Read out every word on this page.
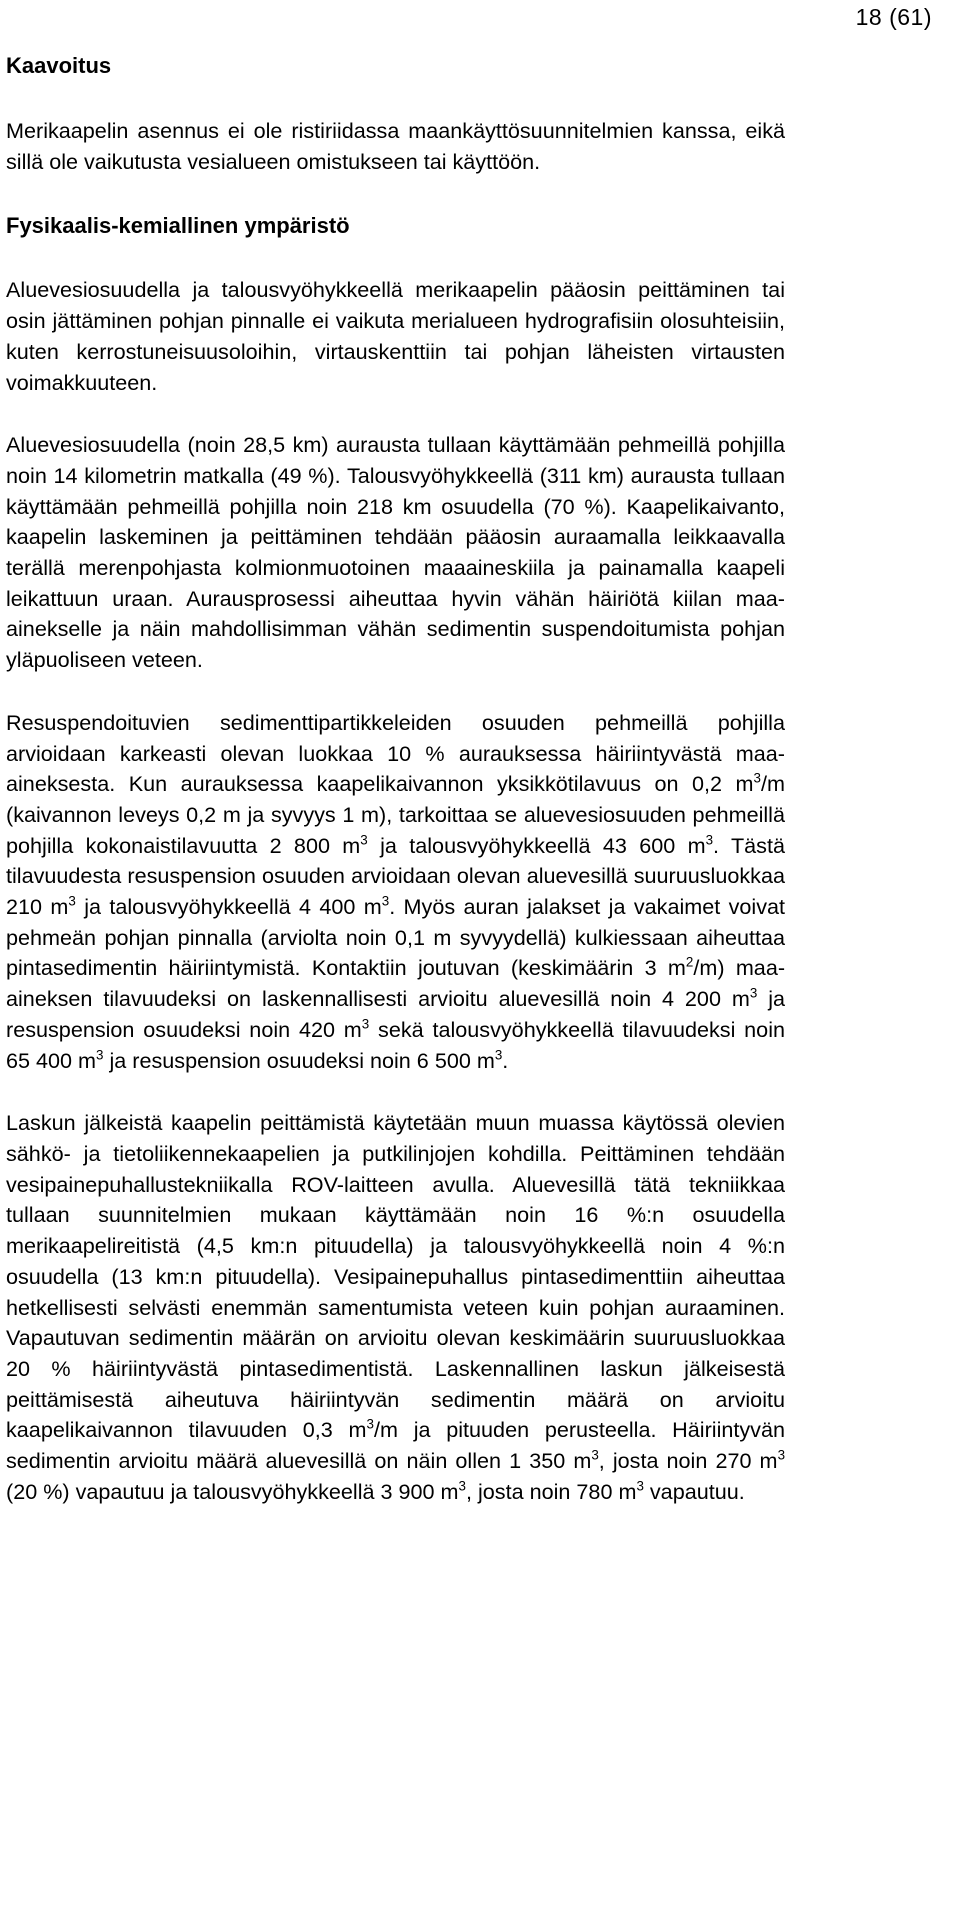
18 (61)
Kaavoitus

Merikaapelin asennus ei ole ristiriidassa maankäyttösuunnitelmien kanssa, eikä sillä ole vaikutusta vesialueen omistukseen tai käyttöön.

Fysikaalis-kemiallinen ympäristö

Aluevesiosuudella ja talousvyöhykkeellä merikaapelin pääosin peittäminen tai osin jättäminen pohjan pinnalle ei vaikuta merialueen hydrografisiin olosuhteisiin, kuten kerrostuneisuusoloihin, virtauskenttiin tai pohjan läheisten virtausten voimakkuuteen.

Aluevesiosuudella (noin 28,5 km) aurausta tullaan käyttämään pehmeillä pohjilla noin 14 kilometrin matkalla (49 %). Talousvyöhykkeellä (311 km) aurausta tullaan käyttämään pehmeillä pohjilla noin 218 km osuudella (70 %). Kaapelikaivanto, kaapelin laskeminen ja peittäminen tehdään pääosin auraamalla leikkaavalla terällä merenpohjasta kolmionmuotoinen maaaineskiila ja painamalla kaapeli leikattuun uraan. Aurausprosessi aiheuttaa hyvin vähän häiriötä kiilan maa-ainekselle ja näin mahdollisimman vähän sedimentin suspendoitumista pohjan yläpuoliseen veteen.

Resuspendoituvien sedimenttipartikkeleiden osuuden pehmeillä pohjilla arvioidaan karkeasti olevan luokkaa 10 % aurauksessa häiriintyvästä maaaineksesta. Kun aurauksessa kaapelikaivannon yksikkötilavuus on 0,2 $m^3/m$ (kaivannon leveys 0,2 m ja syvyys 1 m), tarkoittaa se aluevesiosuuden pehmeillä pohjilla kokonaistilavuutta 2 800 $m^3$ ja talousvyöhykkeellä 43 600 $m^3$. Tästä tilavuudesta resuspension osuuden arvioidaan olevan aluevesillä suuruusluokkaa 210 $m^3$ ja talousvyöhykkeellä 4 400 $m^3$. Myös auran jalakset ja vakaimet voivat pehmeän pohjan pinnalla (arviolta noin 0,1 m syvyydellä) kulkiessaan aiheuttaa pintasedimentin häiriintymistä. Kontaktiin joutuvan (keskimäärin 3 $m^2/m$) maa-aineksen tilavuudeksi on laskennallisesti arvioitu aluevesillä noin 4 200 $m^3$ ja resuspension osuudeksi noin 420 $m^3$ sekä talousvyöhykkeellä tilavuudeksi noin 65 400 $m^3$ ja resuspension osuudeksi noin 6 500 $m^3$.

Laskun jälkeistä kaapelin peittämistä käytetään muun muassa käytössä olevien sähkö- ja tietoliikennekaapelien ja putkilinjojen kohdilla. Peittäminen tehdään vesipainepuhallustekniikalla ROV-laitteen avulla. Aluevesillä tätä tekniikkaa tullaan suunnitelmien mukaan käyttämään noin 16 %:n osuudella merikaapelireitistä (4,5 km:n pituudella) ja talousvyöhykkeellä noin 4 %:n osuudella (13 km:n pituudella). Vesipainepuhallus pintasedimenttiin aiheuttaa hetkellisesti selvästi enemmän samentumista veteen kuin pohjan auraaminen. Vapautuvan sedimentin määrän on arvioitu olevan keskimäärin suuruusluokkaa 20 % häiriintyvästä pintasedimentistä. Laskennallinen laskun jälkeisestä peittämisestä aiheutuva häiriintyvän sedimentin määrä on arvioitu kaapelikaivannon tilavuuden 0,3 $m^3/m$ ja pituuden perusteella. Häiriintyvän sedimentin arvioitu määrä aluevesillä on näin ollen 1 350 $m^3$, josta noin 270 $m^3$ (20 %) vapautuu ja talousvyöhykkeellä 3 900 $m^3$, josta noin 780 $m^3$ vapautuu.
